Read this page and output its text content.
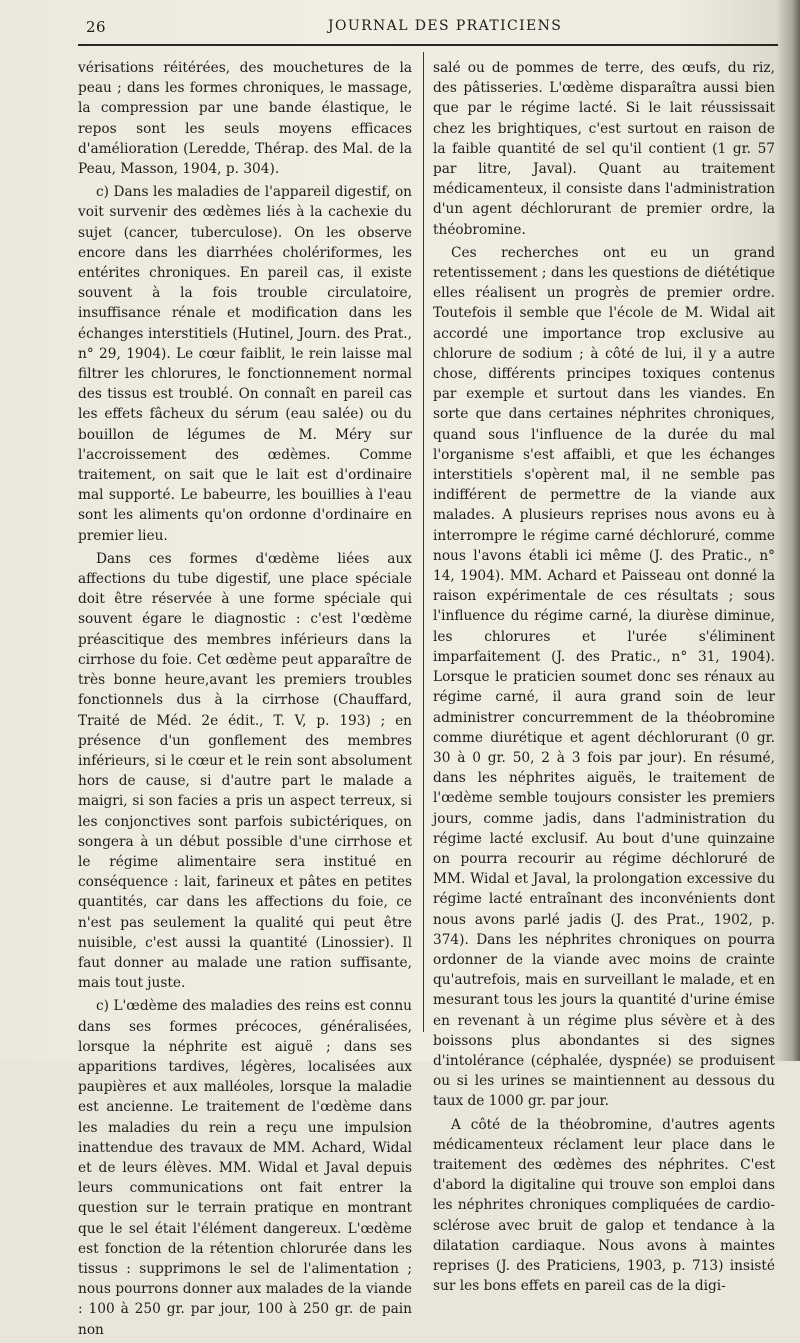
26	JOURNAL DES PRATICIENS

vérisations réitérées, des mouchetures de la peau ; dans les formes chroniques, le massage, la compression par une bande élastique, le repos sont les seuls moyens efficaces d'amélioration (Leredde, Thérap. des Mal. de la Peau, Masson, 1904, p. 304).

c) Dans les maladies de l'appareil digestif, on voit survenir des œdèmes liés à la cachexie du sujet (cancer, tuberculose). On les observe encore dans les diarrhées cholériformes, les entérites chroniques. En pareil cas, il existe souvent à la fois trouble circulatoire, insuffisance rénale et modification dans les échanges interstitiels (Hutinel, Journ. des Prat., n° 29, 1904). Le cœur faiblit, le rein laisse mal filtrer les chlorures, le fonctionnement normal des tissus est troublé. On connaît en pareil cas les effets fâcheux du sérum (eau salée) ou du bouillon de légumes de M. Méry sur l'accroissement des œdèmes. Comme traitement, on sait que le lait est d'ordinaire mal supporté. Le babeurre, les bouillies à l'eau sont les aliments qu'on ordonne d'ordinaire en premier lieu.

Dans ces formes d'œdème liées aux affections du tube digestif, une place spéciale doit être réservée à une forme spéciale qui souvent égare le diagnostic : c'est l'œdème préascitique des membres inférieurs dans la cirrhose du foie. Cet œdème peut apparaître de très bonne heure,avant les premiers troubles fonctionnels dus à la cirrhose (Chauffard, Traité de Méd. 2e édit., T. V, p. 193) ; en présence d'un gonflement des membres inférieurs, si le cœur et le rein sont absolument hors de cause, si d'autre part le malade a maigri, si son facies a pris un aspect terreux, si les conjonctives sont parfois subictériques, on songera à un début possible d'une cirrhose et le régime alimentaire sera institué en conséquence : lait, farineux et pâtes en petites quantités, car dans les affections du foie, ce n'est pas seulement la qualité qui peut être nuisible, c'est aussi la quantité (Linossier). Il faut donner au malade une ration suffisante, mais tout juste.

c) L'œdème des maladies des reins est connu dans ses formes précoces, généralisées, lorsque la néphrite est aiguë ; dans ses apparitions tardives, légères, localisées aux paupières et aux malléoles, lorsque la maladie est ancienne. Le traitement de l'œdème dans les maladies du rein a reçu une impulsion inattendue des travaux de MM. Achard, Widal et de leurs élèves. MM. Widal et Javal depuis leurs communications ont fait entrer la question sur le terrain pratique en montrant que le sel était l'élément dangereux. L'œdème est fonction de la rétention chlorurée dans les tissus : supprimons le sel de l'alimentation ; nous pourrons donner aux malades de la viande : 100 à 250 gr. par jour, 100 à 250 gr. de pain non

salé ou de pommes de terre, des œufs, du riz, des pâtisseries. L'œdème disparaîtra aussi bien que par le régime lacté. Si le lait réussissait chez les brightiques, c'est surtout en raison de la faible quantité de sel qu'il contient (1 gr. 57 par litre, Javal). Quant au traitement médicamenteux, il consiste dans l'administration d'un agent déchlorurant de premier ordre, la théobromine.

Ces recherches ont eu un grand retentissement ; dans les questions de diététique elles réalisent un progrès de premier ordre. Toutefois il semble que l'école de M. Widal ait accordé une importance trop exclusive au chlorure de sodium ; à côté de lui, il y a autre chose, différents principes toxiques contenus par exemple et surtout dans les viandes. En sorte que dans certaines néphrites chroniques, quand sous l'influence de la durée du mal l'organisme s'est affaibli, et que les échanges interstitiels s'opèrent mal, il ne semble pas indifférent de permettre de la viande aux malades. A plusieurs reprises nous avons eu à interrompre le régime carné déchloruré, comme nous l'avons établi ici même (J. des Pratic., n° 14, 1904). MM. Achard et Paisseau ont donné la raison expérimentale de ces résultats ; sous l'influence du régime carné, la diurèse diminue, les chlorures et l'urée s'éliminent imparfaitement (J. des Pratic., n° 31, 1904). Lorsque le praticien soumet donc ses rénaux au régime carné, il aura grand soin de leur administrer concurremment de la théobromine comme diurétique et agent déchlorurant (0 gr. 30 à 0 gr. 50, 2 à 3 fois par jour). En résumé, dans les néphrites aiguës, le traitement de l'œdème semble toujours consister les premiers jours, comme jadis, dans l'administration du régime lacté exclusif. Au bout d'une quinzaine on pourra recourir au régime déchloruré de MM. Widal et Javal, la prolongation excessive du régime lacté entraînant des inconvénients dont nous avons parlé jadis (J. des Prat., 1902, p. 374). Dans les néphrites chroniques on pourra ordonner de la viande avec moins de crainte qu'autrefois, mais en surveillant le malade, et en mesurant tous les jours la quantité d'urine émise en revenant à un régime plus sévère et à des boissons plus abondantes si des signes d'intolérance (céphalée, dyspnée) se produisent ou si les urines se maintiennent au dessous du taux de 1000 gr. par jour.

A côté de la théobromine, d'autres agents médicamenteux réclament leur place dans le traitement des œdèmes des néphrites. C'est d'abord la digitaline qui trouve son emploi dans les néphrites chroniques compliquées de cardio-sclérose avec bruit de galop et tendance à la dilatation cardiaque. Nous avons à maintes reprises (J. des Praticiens, 1903, p. 713) insisté sur les bons effets en pareil cas de la digi-
